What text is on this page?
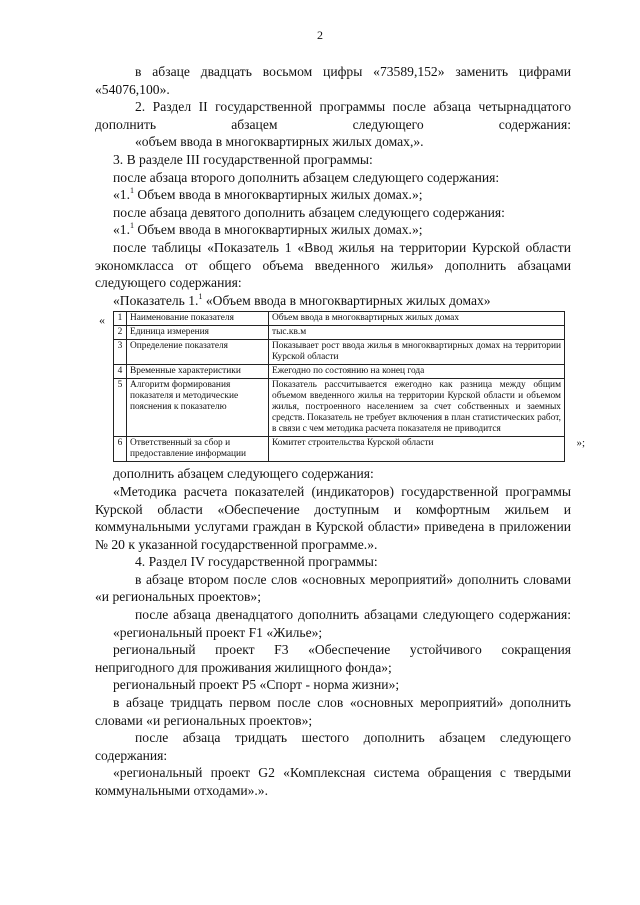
2

в абзаце двадцать восьмом цифры «73589,152» заменить цифрами «54076,100».

2. Раздел II государственной программы после абзаца четырнадцатого дополнить абзацем следующего содержания:

«объем ввода в многоквартирных жилых домах,».

3. В разделе III государственной программы:

после абзаца второго дополнить абзацем следующего содержания:

«1.$^1$ Объем ввода в многоквартирных жилых домах.»;

после абзаца девятого дополнить абзацем следующего содержания:

«1.$^1$ Объем ввода в многоквартирных жилых домах.»;

после таблицы «Показатель 1 «Ввод жилья на территории Курской области экономкласса от общего объема введенного жилья» дополнить абзацами следующего содержания:

«Показатель 1.$^1$ «Объем ввода в многоквартирных жилых домах»

« 1	Наименование показателя	Объем ввода в многоквартирных жилых домах
2	Единица измерения	тыс.кв.м
3	Определение показателя	Показывает рост ввода жилья в многоквартирных домах на территории Курской области
4	Временные характеристики	Ежегодно по состоянию на конец года
5	Алгоритм формирования показателя и методические пояснения к показателю	Показатель рассчитывается ежегодно как разница между общим объемом введенного жилья на территории Курской области и объемом жилья, построенного населением за счет собственных и заемных средств. Показатель не требует включения в план статистических работ, в связи с чем методика расчета показателя не приводится
6	Ответственный за сбор и предоставление информации	Комитет строительства Курской области	»;

дополнить абзацем следующего содержания:

«Методика расчета показателей (индикаторов) государственной программы Курской области «Обеспечение доступным и комфортным жильем и коммунальными услугами граждан в Курской области» приведена в приложении № 20 к указанной государственной программе.».

4. Раздел IV государственной программы:

в абзаце втором после слов «основных мероприятий» дополнить словами «и региональных проектов»;

после абзаца двенадцатого дополнить абзацами следующего содержания:

«региональный проект F1 «Жилье»;

региональный проект F3 «Обеспечение устойчивого сокращения непригодного для проживания жилищного фонда»;

региональный проект Р5 «Спорт - норма жизни»;

в абзаце тридцать первом после слов «основных мероприятий» дополнить словами «и региональных проектов»;

после абзаца тридцать шестого дополнить абзацем следующего содержания:

«региональный проект G2 «Комплексная система обращения с твердыми коммунальными отходами».».
